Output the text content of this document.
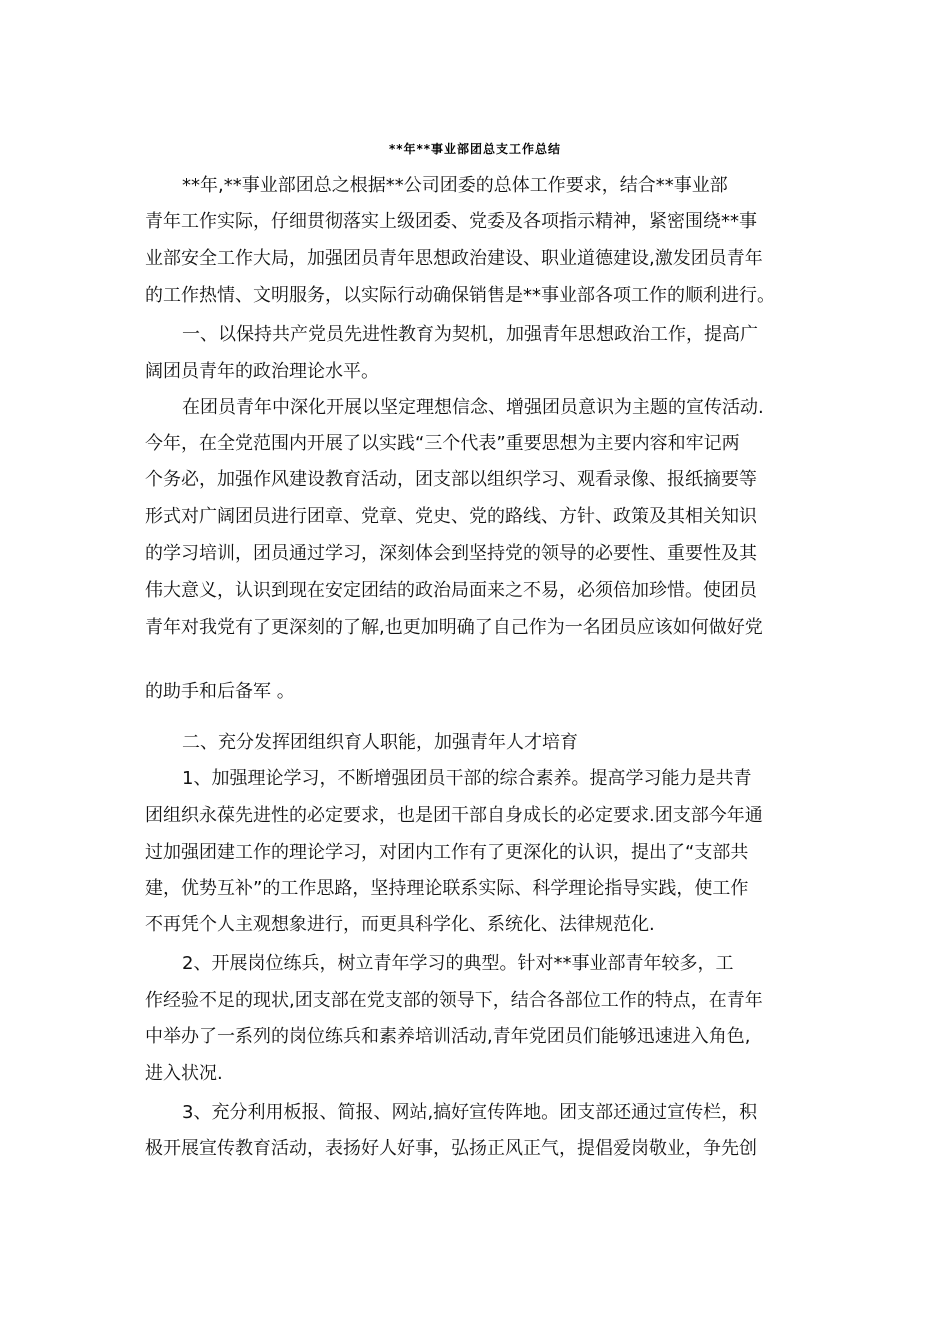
**年**事业部团总支工作总结
**年,**事业部团总之根据**公司团委的总体工作要求，结合**事业部
青年工作实际，仔细贯彻落实上级团委、党委及各项指示精神，紧密围绕**事
业部安全工作大局，加强团员青年思想政治建设、职业道德建设,激发团员青年
的工作热情、文明服务，以实际行动确保销售是**事业部各项工作的顺利进行。
一、以保持共产党员先进性教育为契机，加强青年思想政治工作，提高广
阔团员青年的政治理论水平。
在团员青年中深化开展以坚定理想信念、增强团员意识为主题的宣传活动.
今年，在全党范围内开展了以实践“三个代表”重要思想为主要内容和牢记两
个务必，加强作风建设教育活动，团支部以组织学习、观看录像、报纸摘要等
形式对广阔团员进行团章、党章、党史、党的路线、方针、政策及其相关知识
的学习培训，团员通过学习，深刻体会到坚持党的领导的必要性、重要性及其
伟大意义，认识到现在安定团结的政治局面来之不易，必须倍加珍惜。使团员
青年对我党有了更深刻的了解,也更加明确了自己作为一名团员应该如何做好党
的助手和后备军 。
二、充分发挥团组织育人职能，加强青年人才培育
1、加强理论学习，不断增强团员干部的综合素养。提高学习能力是共青
团组织永葆先进性的必定要求，也是团干部自身成长的必定要求.团支部今年通
过加强团建工作的理论学习，对团内工作有了更深化的认识，提出了“支部共
建，优势互补”的工作思路，坚持理论联系实际、科学理论指导实践，使工作
不再凭个人主观想象进行，而更具科学化、系统化、法律规范化.
2、开展岗位练兵，树立青年学习的典型。针对**事业部青年较多，工
作经验不足的现状,团支部在党支部的领导下，结合各部位工作的特点，在青年
中举办了一系列的岗位练兵和素养培训活动,青年党团员们能够迅速进入角色,
进入状况.
3、充分利用板报、简报、网站,搞好宣传阵地。团支部还通过宣传栏，积
极开展宣传教育活动，表扬好人好事，弘扬正风正气，提倡爱岗敬业，争先创
